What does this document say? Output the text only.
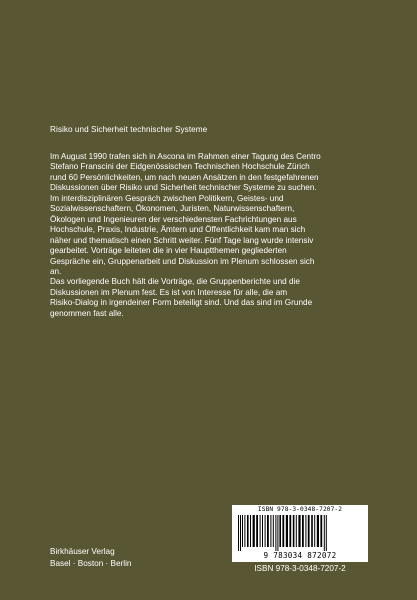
Risiko und Sicherheit technischer Systeme

Im August 1990 trafen sich in Ascona im Rahmen einer Tagung des Centro

Stefano Franscini der Eidgenössischen Technischen Hochschule Zürich

rund 60 Persönlichkeiten, um nach neuen Ansätzen in den festgefahrenen

Diskussionen über Risiko und Sicherheit technischer Systeme zu suchen.

Im interdisziplinären Gespräch zwischen Politikern, Geistes- und

Sozialwissenschaftern, Ökonomen, Juristen, Naturwissenschaftern,

Ökologen und Ingenieuren der verschiedensten Fachrichtungen aus

Hochschule, Praxis, Industrie, Ämtern und Öffentlichkeit kam man sich

näher und thematisch einen Schritt weiter. Fünf Tage lang wurde intensiv

gearbeitet. Vorträge leiteten die in vier Hauptthemen gegliederten

Gespräche ein, Gruppenarbeit und Diskussion im Plenum schlossen sich

an.

Das vorliegende Buch hält die Vorträge, die Gruppenberichte und die

Diskussionen im Plenum fest. Es ist von Interesse für alle, die am

Risiko-Dialog in irgendeiner Form beteiligt sind. Und das sind im Grunde

genommen fast alle.

Birkhäuser Verlag
Basel · Boston · Berlin
ISBN 978-3-0348-7207-2
9 783034 872072
ISBN 978-3-0348-7207-2
